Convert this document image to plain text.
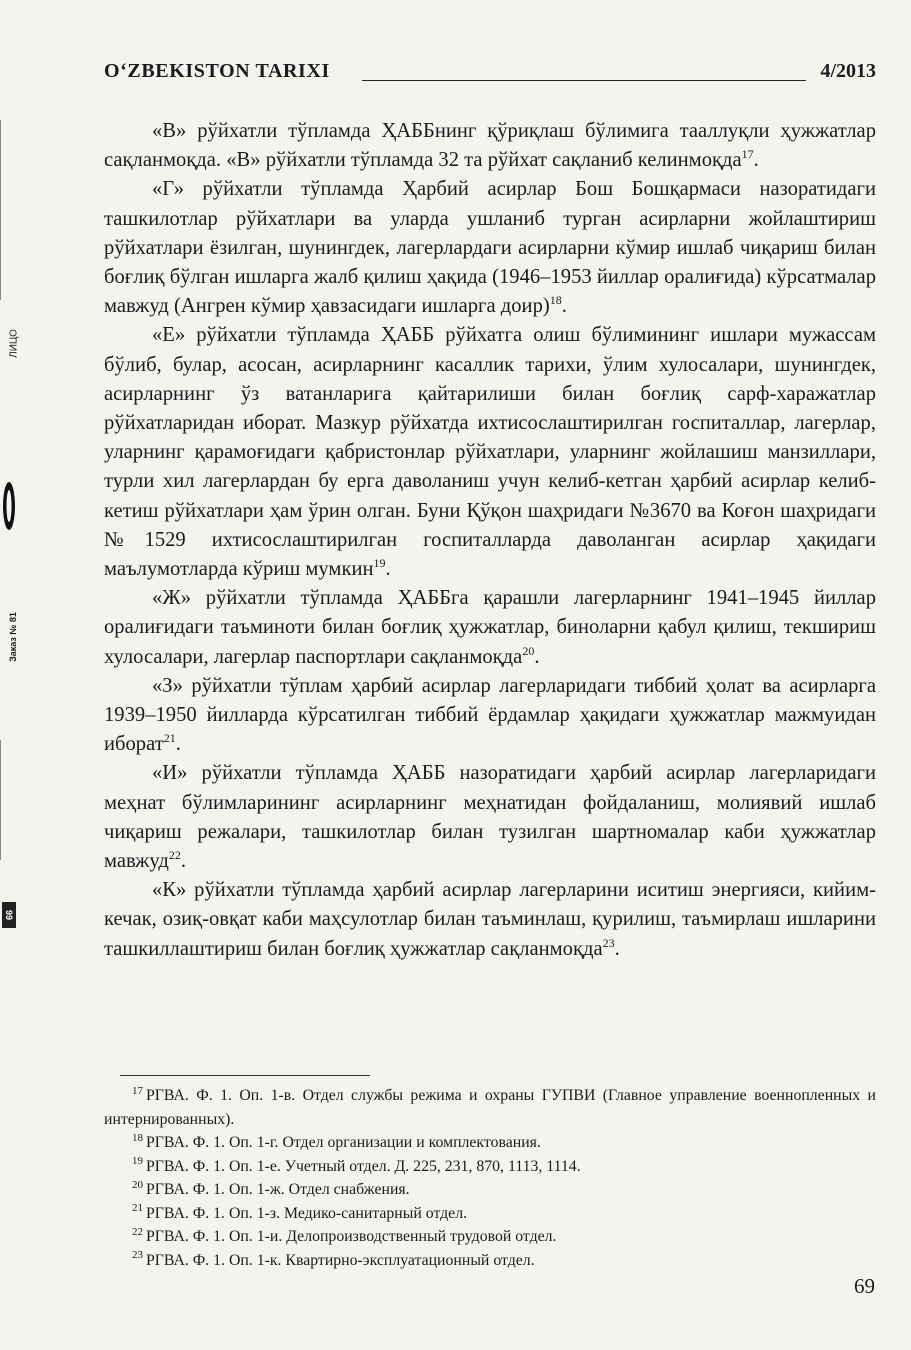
O‘ZBEKISTON TARIXI	4/2013

«В» рўйхатли тўпламда ҲАББнинг қўриқлаш бўлимига тааллуқли ҳужжатлар сақланмоқда. «В» рўйхатли тўпламда 32 та рўйхат сақланиб келинмоқда$^{17}$.

«Г» рўйхатли тўпламда Ҳарбий асирлар Бош Бошқармаси назоратидаги ташкилотлар рўйхатлари ва уларда ушланиб турган асирларни жойлаштириш рўйхатлари ёзилган, шунингдек, лагерлардаги асирларни кўмир ишлаб чиқариш билан боғлиқ бўлган ишларга жалб қилиш ҳақида (1946–1953 йиллар оралиғида) кўрсатмалар мавжуд (Ангрен кўмир ҳавзасидаги ишларга доир)$^{18}$.

«Е» рўйхатли тўпламда ҲАББ рўйхатга олиш бўлимининг ишлари мужассам бўлиб, булар, асосан, асирларнинг касаллик тарихи, ўлим хулосалари, шунингдек, асирларнинг ўз ватанларига қайтарилиши билан боғлиқ сарф-харажатлар рўйхатларидан иборат. Мазкур рўйхатда ихтисослаштирилган госпиталлар, лагерлар, уларнинг қарамоғидаги қабристонлар рўйхатлари, уларнинг жойлашиш манзиллари, турли хил лагерлардан бу ерга даволаниш учун келиб-кетган ҳарбий асирлар келиб-кетиш рўйхатлари ҳам ўрин олган. Буни Қўқон шаҳридаги №3670 ва Коғон шаҳридаги №1529 ихтисослаштирилган госпиталларда даволанган асирлар ҳақидаги маълумотларда кўриш мумкин$^{19}$.

«Ж» рўйхатли тўпламда ҲАББга қарашли лагерларнинг 1941–1945 йиллар оралиғидаги таъминоти билан боғлиқ ҳужжатлар, биноларни қабул қилиш, текшириш хулосалари, лагерлар паспортлари сақланмоқда$^{20}$.

«З» рўйхатли тўплам ҳарбий асирлар лагерларидаги тиббий ҳолат ва асирларга 1939–1950 йилларда кўрсатилган тиббий ёрдамлар ҳақидаги ҳужжатлар мажмуидан иборат$^{21}$.

«И» рўйхатли тўпламда ҲАББ назоратидаги ҳарбий асирлар лагерларидаги меҳнат бўлимларининг асирларнинг меҳнатидан фойдаланиш, молиявий ишлаб чиқариш режалари, ташкилотлар билан тузилган шартномалар каби ҳужжатлар мавжуд$^{22}$.

«К» рўйхатли тўпламда ҳарбий асирлар лагерларини иситиш энергияси, кийим-кечак, озиқ-овқат каби маҳсулотлар билан таъминлаш, қурилиш, таъмирлаш ишларини ташкиллаштириш билан боғлиқ ҳужжатлар сақланмоқда$^{23}$.

$^{17}$ РГВА. Ф. 1. Оп. 1-в. Отдел службы режима и охраны ГУПВИ (Главное управление военнопленных и интернированных).

$^{18}$ РГВА. Ф. 1. Оп. 1-г. Отдел организации и комплектования.

$^{19}$ РГВА. Ф. 1. Оп. 1-е. Учетный отдел. Д. 225, 231, 870, 1113, 1114.

$^{20}$ РГВА. Ф. 1. Оп. 1-ж. Отдел снабжения.

$^{21}$ РГВА. Ф. 1. Оп. 1-з. Медико-санитарный отдел.

$^{22}$ РГВА. Ф. 1. Оп. 1-и. Делопроизводственный трудовой отдел.

$^{23}$ РГВА. Ф. 1. Оп. 1-к. Квартирно-эксплуатационный отдел.

69
ЛИЦО
Заказ № 81
99
